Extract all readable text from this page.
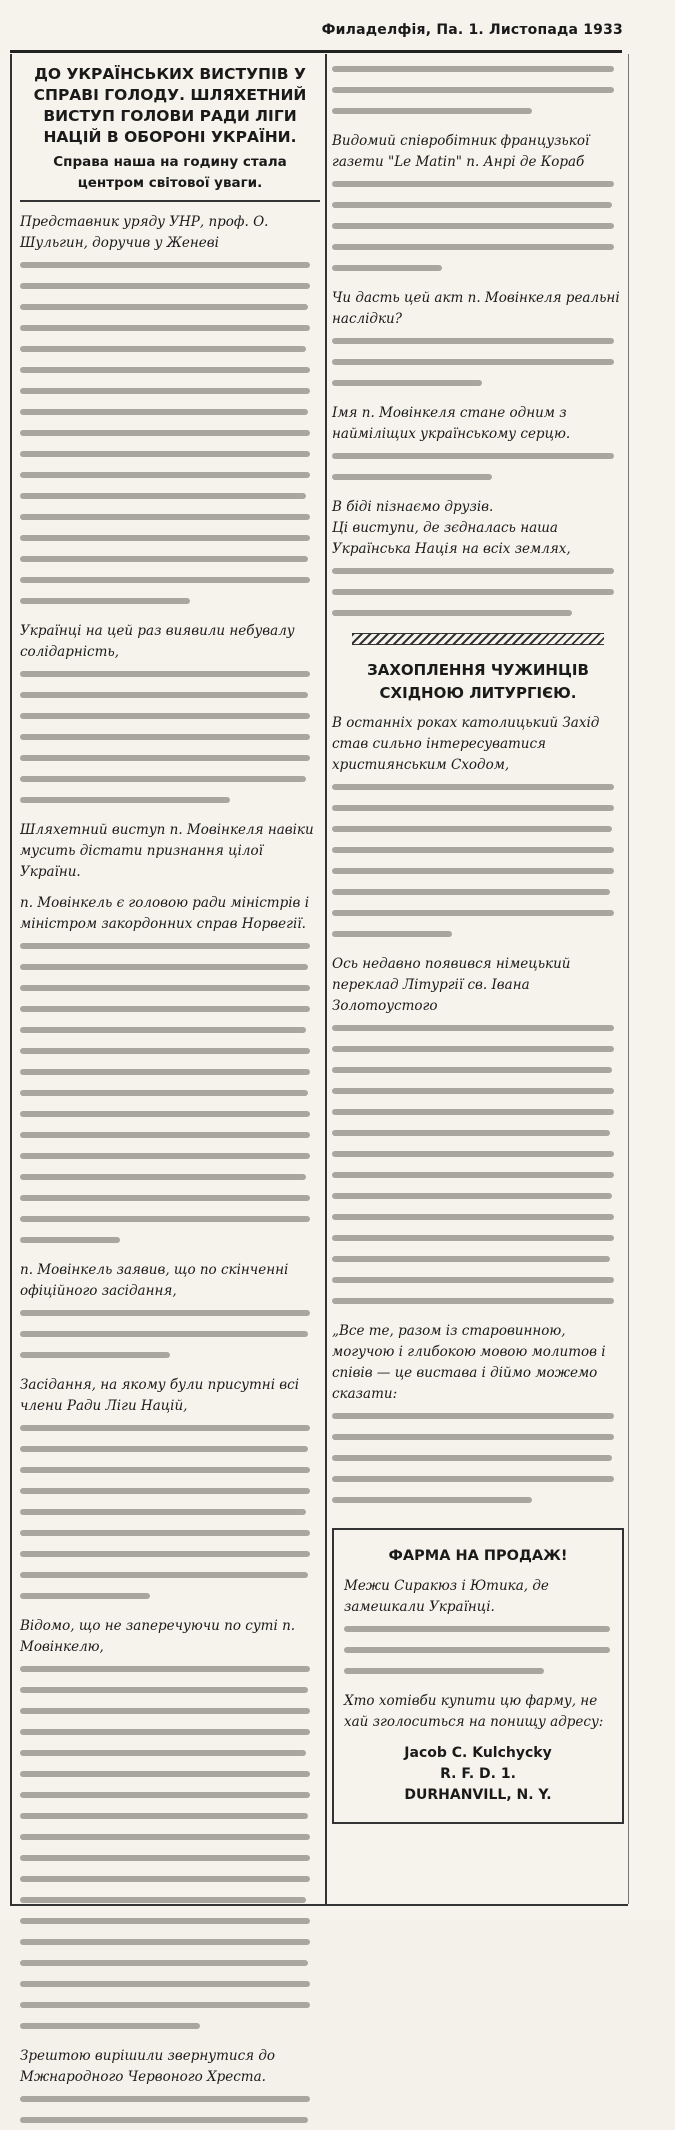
Филаделфія, Па. 1. Листопада 1933
ДО УКРАЇНСЬКИХ ВИСТУПІВ У СПРАВІ ГОЛОДУ. ШЛЯХЕТНИЙ ВИСТУП ГОЛОВИ РАДИ ЛІГИ НАЦІЙ В ОБОРОНІ УКРАЇНИ.
Справа наша на годину стала центром світової уваги.

Представник уряду УНР, проф. О. Шульгин, доручив у Женеві

Українці на цей раз виявили небувалу солідарність,

Шляхетний виступ п. Мовінкеля навіки мусить дістати признання цілої України.

п. Мовінкель є головою ради міністрів і міністром закордонних справ Норвегії.

п. Мовінкель заявив, що по скінченні офіційного засідання,

Засідання, на якому були присутні всі члени Ради Ліги Націй,

Відомо, що не заперечуючи по суті п. Мовінкелю,

Зрештою вирішили звернутися до Мжнародного Червоного Хреста.

Видомий співробітник французької газети "Le Matin" п. Анрі де Кораб

Чи дасть цей акт п. Мовінкеля реальні наслідки?

Імя п. Мовінкеля стане одним з найміліщих українському серцю.

В біді пізнаємо друзів.

Ці виступи, де зєдналась наша Українська Нація на всіх землях,

ЗАХОПЛЕННЯ ЧУЖИНЦІВ СХІДНОЮ ЛИТУРГІЄЮ.

В останніх роках католицький Захід став сильно інтересуватися християнським Сходом,

Ось недавно появився німецький переклад Літургії св. Івана Золотоустого

„Все те, разом із старовинною, могучою і глибокою мовою молитов і співів — це вистава і діймо можемо сказати:

ФАРМА НА ПРОДАЖ!

Межи Сиракюз і Ютика, де замешкали Українці.

Хто хотівби купити цю фарму, не хай зголоситься на понищу адресу:

Jacob C. Kulchycky

R. F. D. 1.

DURHANVILL, N. Y.
